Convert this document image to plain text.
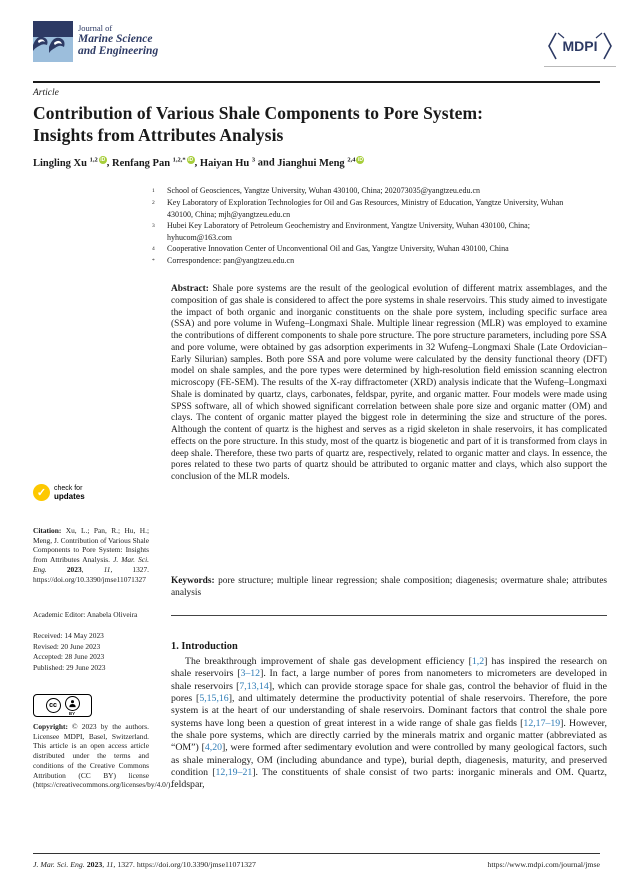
Journal of
Marine Science
and Engineering	MDPI
Article
Contribution of Various Shale Components to Pore System:
Insights from Attributes Analysis
Lingling Xu $^{1,2}$ iD , Renfang Pan $^{1,2,*}$ iD , Haiyan Hu $^3$ and Jianghui Meng $^{2,4}$ iD
1	School of Geosciences, Yangtze University, Wuhan 430100, China; 202073035@yangtzeu.edu.cn
2	Key Laboratory of Exploration Technologies for Oil and Gas Resources, Ministry of Education, Yangtze University, Wuhan 430100, China; mjh@yangtzeu.edu.cn
3	Hubei Key Laboratory of Petroleum Geochemistry and Environment, Yangtze University, Wuhan 430100, China; hyhucom@163.com
4	Cooperative Innovation Center of Unconventional Oil and Gas, Yangtze University, Wuhan 430100, China
*	Correspondence: pan@yangtzeu.edu.cn
Abstract: Shale pore systems are the result of the geological evolution of different matrix assemblages, and the composition of gas shale is considered to affect the pore systems in shale reservoirs. This study aimed to investigate the impact of both organic and inorganic constituents on the shale pore system, including specific surface area (SSA) and pore volume in Wufeng–Longmaxi Shale. Multiple linear regression (MLR) was employed to examine the contributions of different components to shale pore structure. The pore structure parameters, including pore SSA and pore volume, were obtained by gas adsorption experiments in 32 Wufeng–Longmaxi Shale (Late Ordovician–Early Silurian) samples. Both pore SSA and pore volume were calculated by the density functional theory (DFT) model on shale samples, and the pore types were determined by high-resolution field emission scanning electron microscopy (FE-SEM). The results of the X-ray diffractometer (XRD) analysis indicate that the Wufeng–Longmaxi Shale is dominated by quartz, clays, carbonates, feldspar, pyrite, and organic matter. Four models were made using SPSS software, all of which showed significant correlation between shale pore size and organic matter (OM) and clays. The content of organic matter played the biggest role in determining the size and structure of the pores. Although the content of quartz is the highest and serves as a rigid skeleton in shale reservoirs, it has complicated effects on the pore structure. In this study, most of the quartz is biogenetic and part of it is transformed from clays in deep shale. Therefore, these two parts of quartz are, respectively, related to organic matter and clays. In essence, the pores related to these two parts of quartz should be attributed to organic matter and clays, which also support the conclusion of the MLR models.
Keywords: pore structure; multiple linear regression; shale composition; diagenesis; overmature shale; attributes analysis
1. Introduction
The breakthrough improvement of shale gas development efficiency [1,2] has inspired the research on shale reservoirs [3–12]. In fact, a large number of pores from nanometers to micrometers are developed in shale reservoirs [7,13,14], which can provide storage space for shale gas, control the behavior of fluid in the pores [5,15,16], and ultimately determine the productivity potential of shale reservoirs. Therefore, the pore system is at the heart of our understanding of shale reservoirs. Dominant factors that control the shale pore systems have long been a question of great interest in a wide range of shale gas fields [12,17–19]. However, the shale pore systems, which are directly carried by the minerals matrix and organic matter (abbreviated as “OM”) [4,20], were formed after sedimentary evolution and were controlled by many geological factors, such as shale mineralogy, OM (including abundance and type), burial depth, diagenesis, maturity, and preserved condition [12,19–21]. The constituents of shale consist of two parts: inorganic minerals and OM. Quartz, feldspar,
✓	check for
updates
Citation: Xu, L.; Pan, R.; Hu, H.; Meng, J. Contribution of Various Shale Components to Pore System: Insights from Attributes Analysis. J. Mar. Sci. Eng. 2023, 11, 1327. https://doi.org/10.3390/jmse11071327
Academic Editor: Anabela Oliveira
Received: 14 May 2023
Revised: 20 June 2023
Accepted: 28 June 2023
Published: 29 June 2023
cc
BY
Copyright: © 2023 by the authors. Licensee MDPI, Basel, Switzerland. This article is an open access article distributed under the terms and conditions of the Creative Commons Attribution (CC BY) license (https://creativecommons.org/licenses/by/4.0/).
J. Mar. Sci. Eng. 2023, 11, 1327. https://doi.org/10.3390/jmse11071327	https://www.mdpi.com/journal/jmse
